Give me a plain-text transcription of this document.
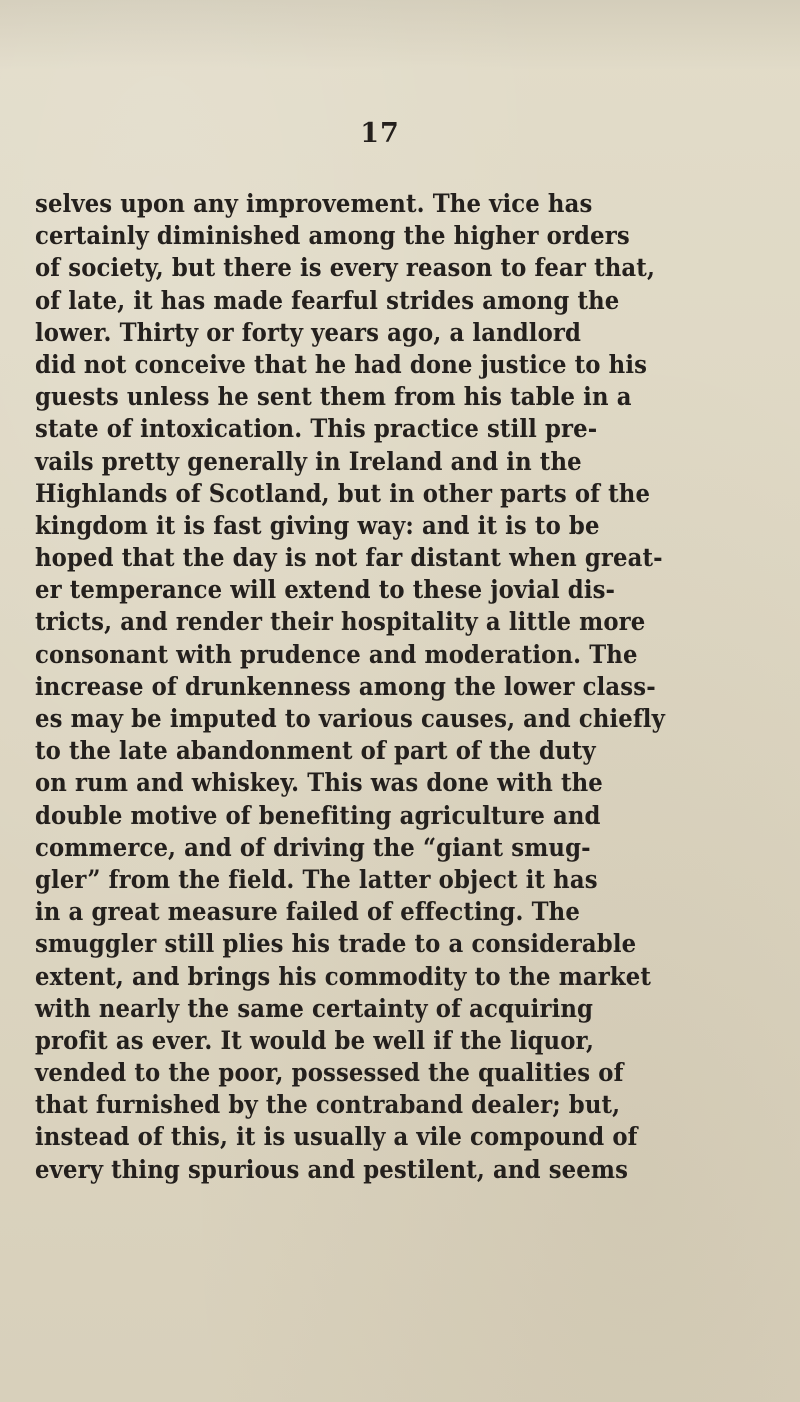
17
selves upon any improvement. The vice has
certainly diminished among the higher orders
of society, but there is every reason to fear that,
of late, it has made fearful strides among the
lower. Thirty or forty years ago, a landlord
did not conceive that he had done justice to his
guests unless he sent them from his table in a
state of intoxication. This practice still pre-
vails pretty generally in Ireland and in the
Highlands of Scotland, but in other parts of the
kingdom it is fast giving way: and it is to be
hoped that the day is not far distant when great-
er temperance will extend to these jovial dis-
tricts, and render their hospitality a little more
consonant with prudence and moderation. The
increase of drunkenness among the lower class-
es may be imputed to various causes, and chiefly
to the late abandonment of part of the duty
on rum and whiskey. This was done with the
double motive of benefiting agriculture and
commerce, and of driving the “giant smug-
gler” from the field. The latter object it has
in a great measure failed of effecting. The
smuggler still plies his trade to a considerable
extent, and brings his commodity to the market
with nearly the same certainty of acquiring
profit as ever. It would be well if the liquor,
vended to the poor, possessed the qualities of
that furnished by the contraband dealer; but,
instead of this, it is usually a vile compound of
every thing spurious and pestilent, and seems
